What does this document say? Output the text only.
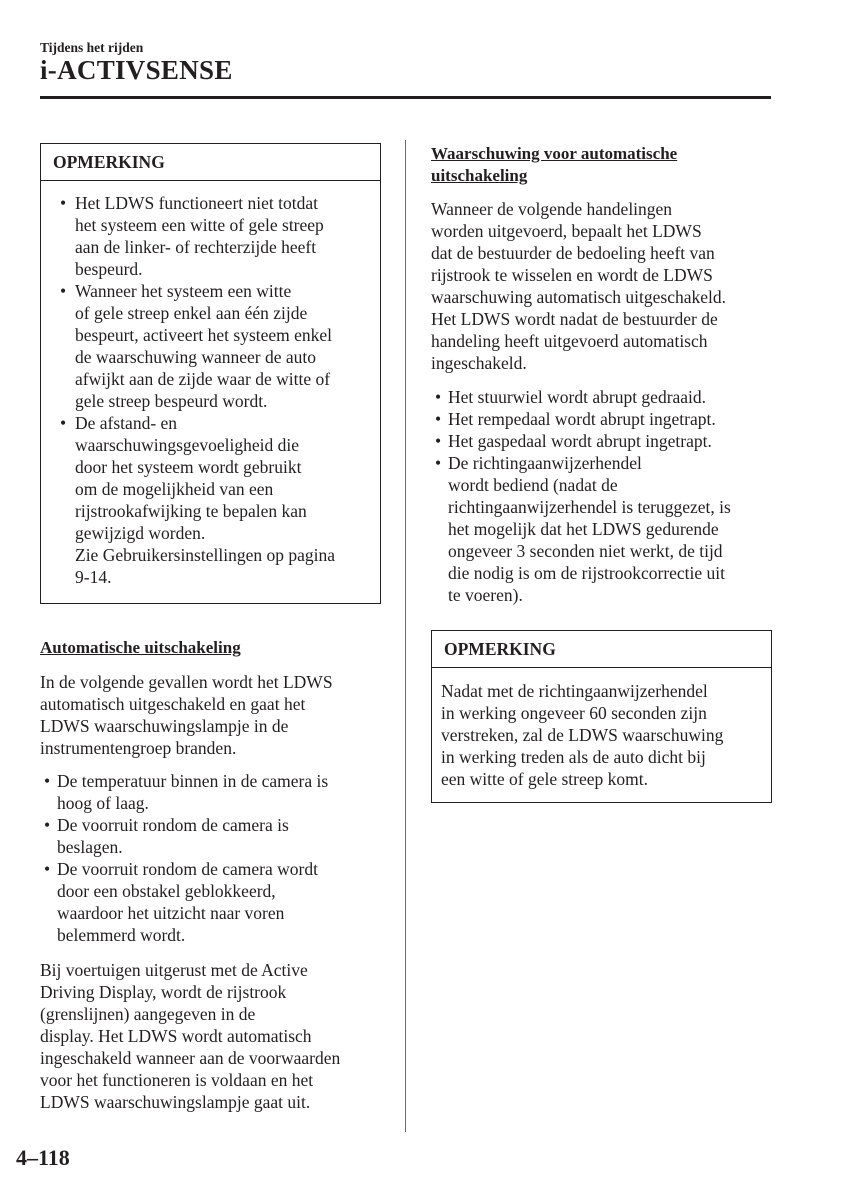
Tijdens het rijden
i-ACTIVSENSE
OPMERKING
• Het LDWS functioneert niet totdat
het systeem een witte of gele streep
aan de linker- of rechterzijde heeft
bespeurd.
• Wanneer het systeem een witte
of gele streep enkel aan één zijde
bespeurt, activeert het systeem enkel
de waarschuwing wanneer de auto
afwijkt aan de zijde waar de witte of
gele streep bespeurd wordt.
• De afstand- en
waarschuwingsgevoeligheid die
door het systeem wordt gebruikt
om de mogelijkheid van een
rijstrookafwijking te bepalen kan
gewijzigd worden.
Zie Gebruikersinstellingen op pagina
9-14.
Automatische uitschakeling
In de volgende gevallen wordt het LDWS
automatisch uitgeschakeld en gaat het
LDWS waarschuwingslampje in de
instrumentengroep branden.
• De temperatuur binnen in de camera is
hoog of laag.
• De voorruit rondom de camera is
beslagen.
• De voorruit rondom de camera wordt
door een obstakel geblokkeerd,
waardoor het uitzicht naar voren
belemmerd wordt.
Bij voertuigen uitgerust met de Active
Driving Display, wordt de rijstrook
(grenslijnen) aangegeven in de
display. Het LDWS wordt automatisch
ingeschakeld wanneer aan de voorwaarden
voor het functioneren is voldaan en het
LDWS waarschuwingslampje gaat uit.
Waarschuwing voor automatische
uitschakeling
Wanneer de volgende handelingen
worden uitgevoerd, bepaalt het LDWS
dat de bestuurder de bedoeling heeft van
rijstrook te wisselen en wordt de LDWS
waarschuwing automatisch uitgeschakeld.
Het LDWS wordt nadat de bestuurder de
handeling heeft uitgevoerd automatisch
ingeschakeld.
• Het stuurwiel wordt abrupt gedraaid.
• Het rempedaal wordt abrupt ingetrapt.
• Het gaspedaal wordt abrupt ingetrapt.
• De richtingaanwijzerhendel
wordt bediend (nadat de
richtingaanwijzerhendel is teruggezet, is
het mogelijk dat het LDWS gedurende
ongeveer 3 seconden niet werkt, de tijd
die nodig is om de rijstrookcorrectie uit
te voeren).
OPMERKING
Nadat met de richtingaanwijzerhendel
in werking ongeveer 60 seconden zijn
verstreken, zal de LDWS waarschuwing
in werking treden als de auto dicht bij
een witte of gele streep komt.
4–118
